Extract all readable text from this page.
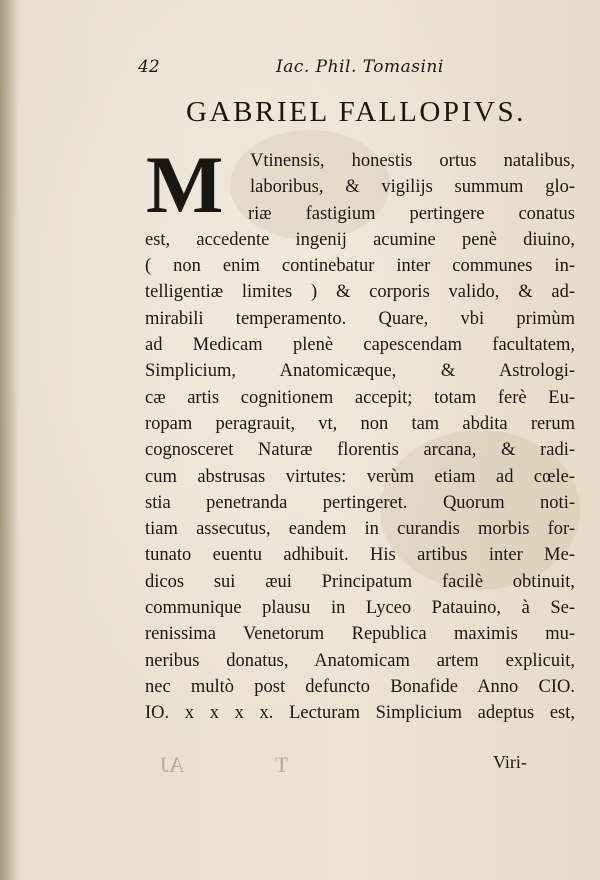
42	Iac. Phil. Tomasini
GABRIEL FALLOPIVS.
M	Vtinensis, honestis ortus natalibus,
laboribus, & vigilijs summum glo-
riæ fastigium pertingere conatus
est, accedente ingenij acumine penè diuino,
( non enim continebatur inter communes in-
telligentiæ limites ) & corporis valido, & ad-
mirabili temperamento. Quare, vbi primùm
ad Medicam plenè capescendam facultatem,
Simplicium, Anatomicæque, & Astrologi-
cæ artis cognitionem accepit; totam ferè Eu-
ropam peragrauit, vt, non tam abdita rerum
cognosceret Naturæ florentis arcana, & radi-
cum abstrusas virtutes: verùm etiam ad cœle-
stia penetranda pertingeret. Quorum noti-
tiam assecutus, eandem in curandis morbis for-
tunato euentu adhibuit. His artibus inter Me-
dicos sui æui Principatum facilè obtinuit,
communique plausu in Lyceo Patauino, à Se-
renissima Venetorum Republica maximis mu-
neribus donatus, Anatomicam artem explicuit,
nec multò post defuncto Bonafide Anno CIO.
IO. x x x x. Lecturam Simplicium adeptus est,
AJ	T	Viri-
